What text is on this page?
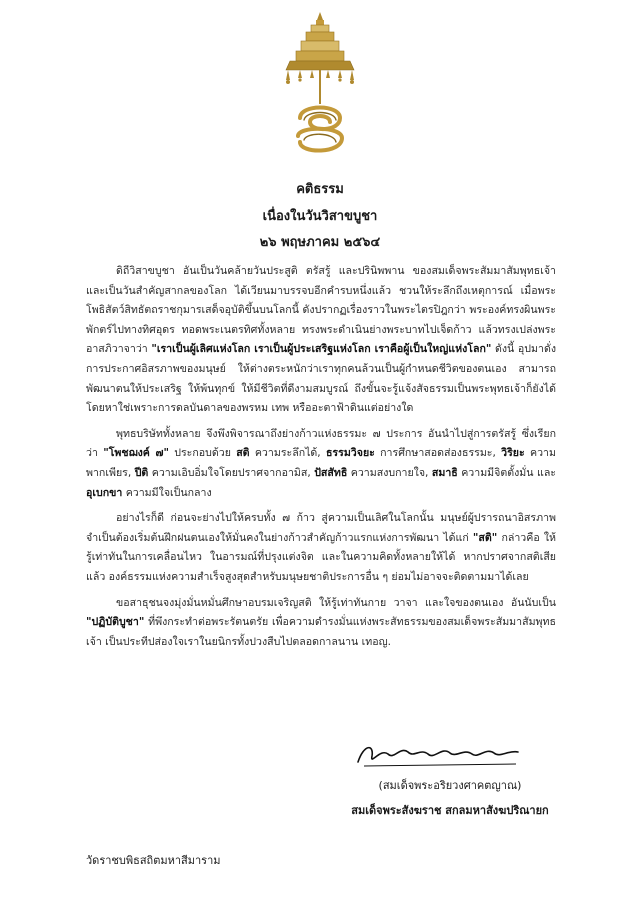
คติธรรม
เนื่องในวันวิสาขบูชา
๒๖ พฤษภาคม ๒๕๖๔

ดิถีวิสาขบูชา อันเป็นวันคล้ายวันประสูติ ตรัสรู้ และปรินิพพาน ของสมเด็จพระสัมมาสัมพุทธเจ้า และเป็นวันสำคัญสากลของโลก ได้เวียนมาบรรจบอีกคำรบหนึ่งแล้ว ชวนให้ระลึกถึงเหตุการณ์ เมื่อพระโพธิสัตว์สิทธัตถราชกุมารเสด็จอุบัติขึ้นบนโลกนี้ ดังปรากฏเรื่องราวในพระไตรปิฎกว่า พระองค์ทรงผินพระพักตร์ไปทางทิศอุดร ทอดพระเนตรทิศทั้งหลาย ทรงพระดำเนินย่างพระบาทไปเจ็ดก้าว แล้วทรงเปล่งพระอาสภิวาจาว่า "เราเป็นผู้เลิศแห่งโลก เราเป็นผู้ประเสริฐแห่งโลก เราคือผู้เป็นใหญ่แห่งโลก" ดังนี้ อุปมาดั่งการประกาศอิสรภาพของมนุษย์ ให้ต่างตระหนักว่าเราทุกคนล้วนเป็นผู้กำหนดชีวิตของตนเอง สามารถพัฒนาตนให้ประเสริฐ ให้พ้นทุกข์ ให้มีชีวิตที่ดีงามสมบูรณ์ ถึงขั้นจะรู้แจ้งสัจธรรมเป็นพระพุทธเจ้าก็ยังได้ โดยหาใช่เพราะการดลบันดาลของพรหม เทพ หรืออะตาฟ้าดินแต่อย่างใด

พุทธบริษัททั้งหลาย จึงพึงพิจารณาถึงย่างก้าวแห่งธรรมะ ๗ ประการ อันนำไปสู่การตรัสรู้ ซึ่งเรียกว่า "โพชฌงค์ ๗" ประกอบด้วย สติ ความระลึกได้, ธรรมวิจยะ การศึกษาสอดส่องธรรมะ, วิริยะ ความพากเพียร, ปีติ ความเอิบอิ่มใจโดยปราศจากอามิส, ปัสสัทธิ ความสงบกายใจ, สมาธิ ความมีจิตตั้งมั่น และ อุเบกขา ความมีใจเป็นกลาง

อย่างไรก็ดี ก่อนจะย่างไปให้ครบทั้ง ๗ ก้าว สู่ความเป็นเลิศในโลกนั้น มนุษย์ผู้ปรารถนาอิสรภาพ จำเป็นต้องเริ่มต้นฝึกฝนตนเองให้มั่นคงในย่างก้าวสำคัญก้าวแรกแห่งการพัฒนา ได้แก่ "สติ" กล่าวคือ ให้รู้เท่าทันในการเคลื่อนไหว ในอารมณ์ที่ปรุงแต่งจิต และในความคิดทั้งหลายให้ได้ หากปราศจากสติเสียแล้ว องค์ธรรมแห่งความสำเร็จสูงสุดสำหรับมนุษยชาติประการอื่น ๆ ย่อมไม่อาจจะติดตามมาได้เลย

ขอสาธุชนจงมุ่งมั่นหมั่นศึกษาอบรมเจริญสติ ให้รู้เท่าทันกาย วาจา และใจของตนเอง อันนับเป็น "ปฏิบัติบูชา" ที่พึงกระทำต่อพระรัตนตรัย เพื่อความดำรงมั่นแห่งพระสัทธรรมของสมเด็จพระสัมมาสัมพุทธเจ้า เป็นประทีปส่องใจเราในยนิกรทั้งปวงสืบไปตลอดกาลนาน เทอญ.

(สมเด็จพระอริยวงศาคตญาณ)
สมเด็จพระสังฆราช สกลมหาสังฆปริณายก
วัดราชบพิธสถิตมหาสีมาราม
